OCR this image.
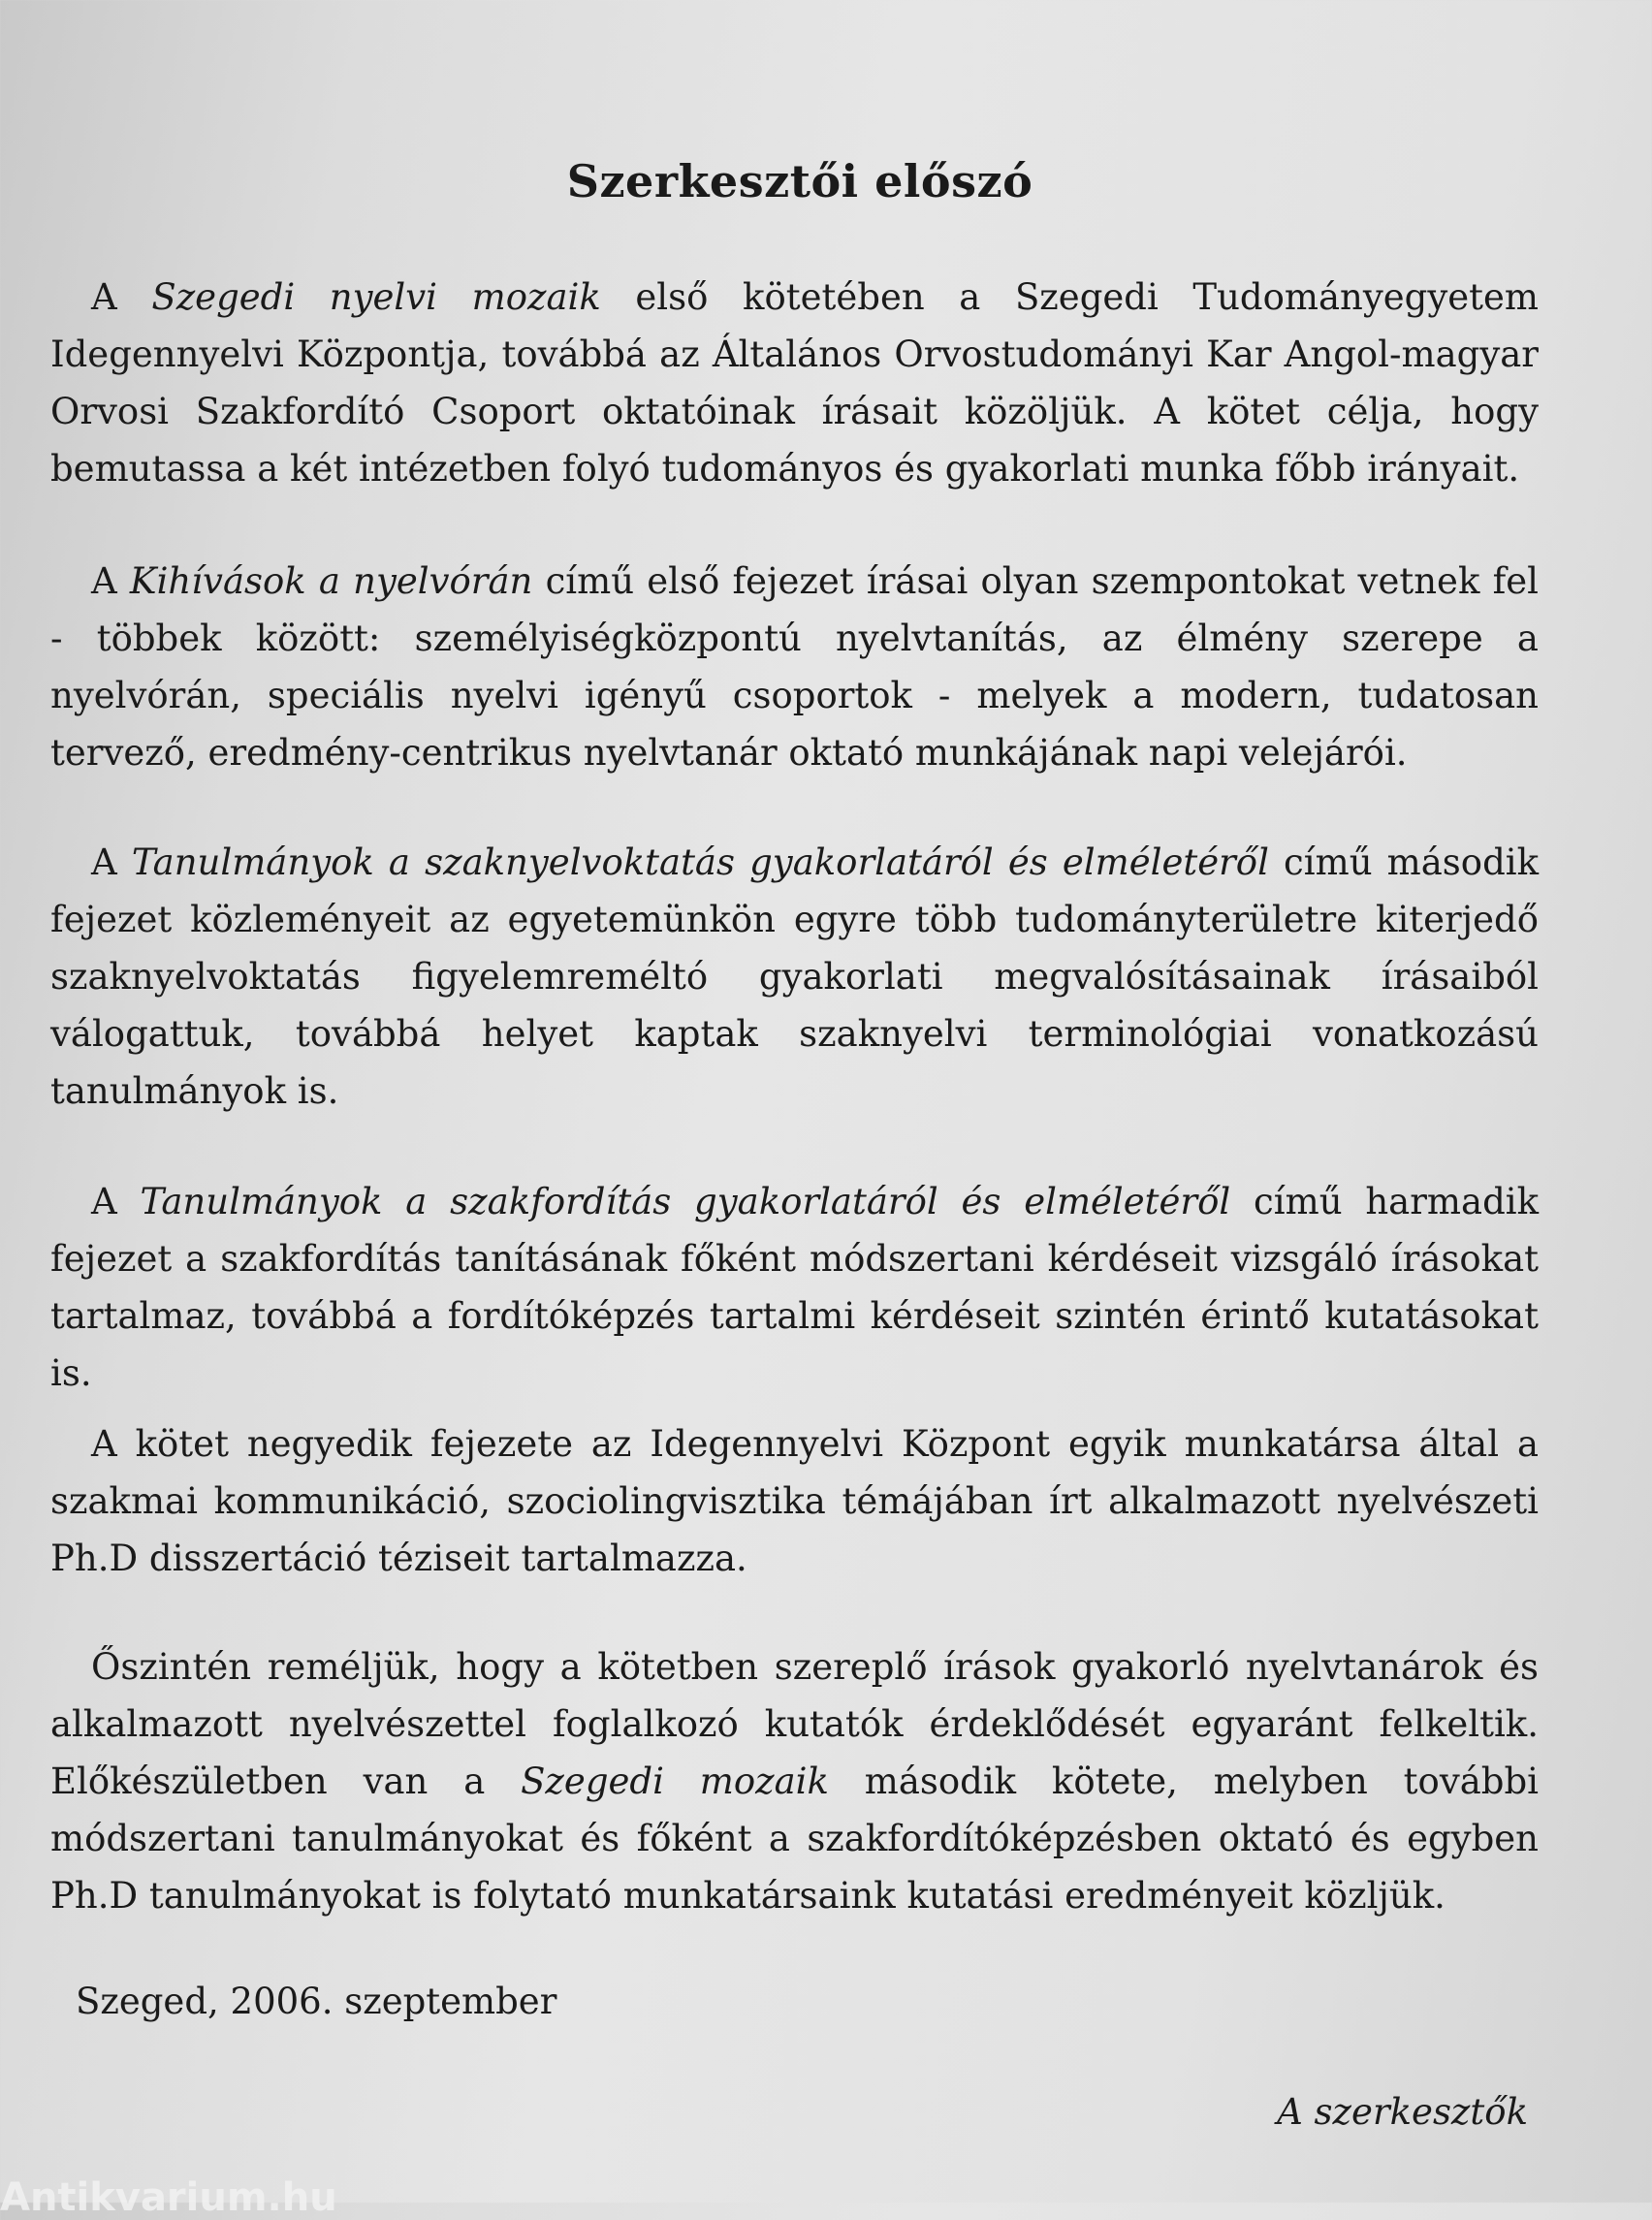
Szerkesztői előszó

A Szegedi nyelvi mozaik első kötetében a Szegedi Tudományegyetem Idegennyelvi Központja, továbbá az Általános Orvostudományi Kar Angol-magyar Orvosi Szakfordító Csoport oktatóinak írásait közöljük. A kötet célja, hogy bemutassa a két intézetben folyó tudományos és gyakorlati munka főbb irányait.

A Kihívások a nyelvórán című első fejezet írásai olyan szempontokat vetnek fel - többek között: személyiségközpontú nyelvtanítás, az élmény szerepe a nyelvórán, speciális nyelvi igényű csoportok - melyek a modern, tudatosan tervező, eredmény-centrikus nyelvtanár oktató munkájának napi velejárói.

A Tanulmányok a szaknyelvoktatás gyakorlatáról és elméletéről című második fejezet közleményeit az egyetemünkön egyre több tudományterületre kiterjedő szaknyelvoktatás figyelemreméltó gyakorlati megvalósításainak írásaiból válogattuk, továbbá helyet kaptak szaknyelvi terminológiai vonatkozású tanulmányok is.

A Tanulmányok a szakfordítás gyakorlatáról és elméletéről című harmadik fejezet a szakfordítás tanításának főként módszertani kérdéseit vizsgáló írásokat tartalmaz, továbbá a fordítóképzés tartalmi kérdéseit szintén érintő kutatásokat is.

A kötet negyedik fejezete az Idegennyelvi Központ egyik munkatársa által a szakmai kommunikáció, szociolingvisztika témájában írt alkalmazott nyelvészeti Ph.D disszertáció téziseit tartalmazza.

Őszintén reméljük, hogy a kötetben szereplő írások gyakorló nyelvtanárok és alkalmazott nyelvészettel foglalkozó kutatók érdeklődését egyaránt felkeltik. Előkészületben van a Szegedi mozaik második kötete, melyben további módszertani tanulmányokat és főként a szakfordítóképzésben oktató és egyben Ph.D tanulmányokat is folytató munkatársaink kutatási eredményeit közljük.

Szeged, 2006. szeptember

A szerkesztők

Antikvarium.hu
